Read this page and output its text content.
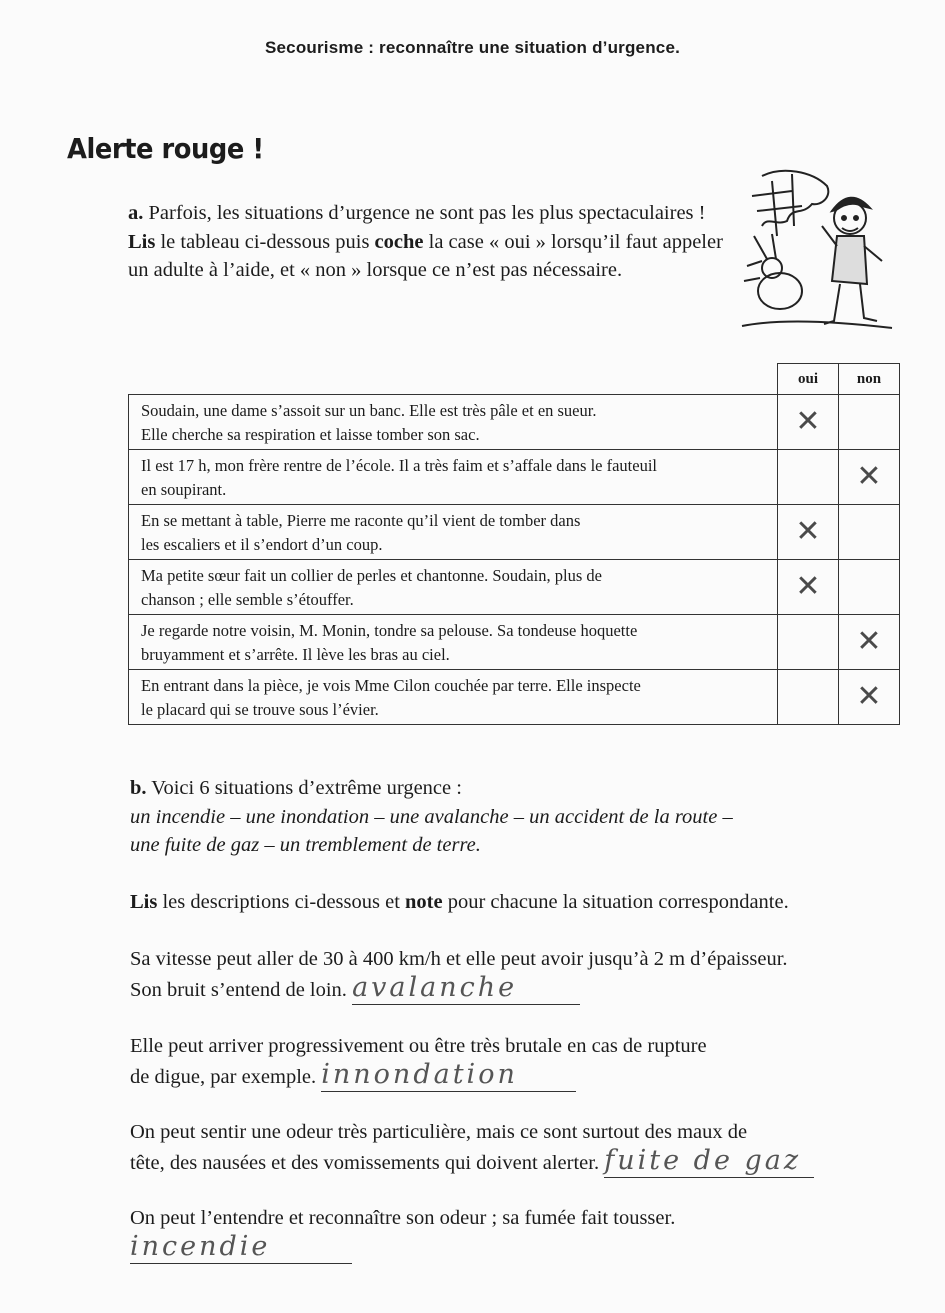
Secourisme : reconnaître une situation d’urgence.
Alerte rouge !
a. Parfois, les situations d’urgence ne sont pas les plus spectaculaires !
Lis le tableau ci-dessous puis coche la case « oui » lorsqu’il faut appeler un adulte à l’aide, et « non » lorsque ce n’est pas nécessaire.
	oui	non
Soudain, une dame s’assoit sur un banc. Elle est très pâle et en sueur.
Elle cherche sa respiration et laisse tomber son sac.	✕	
Il est 17 h, mon frère rentre de l’école. Il a très faim et s’affale dans le fauteuil
en soupirant.		✕
En se mettant à table, Pierre me raconte qu’il vient de tomber dans
les escaliers et il s’endort d’un coup.	✕	
Ma petite sœur fait un collier de perles et chantonne. Soudain, plus de
chanson ; elle semble s’étouffer.	✕	
Je regarde notre voisin, M. Monin, tondre sa pelouse. Sa tondeuse hoquette
bruyamment et s’arrête. Il lève les bras au ciel.		✕
En entrant dans la pièce, je vois Mme Cilon couchée par terre. Elle inspecte
le placard qui se trouve sous l’évier.		✕
b. Voici 6 situations d’extrême urgence :
un incendie – une inondation – une avalanche – un accident de la route –
une fuite de gaz – un tremblement de terre.
Lis les descriptions ci-dessous et note pour chacune la situation correspondante.
Sa vitesse peut aller de 30 à 400 km/h et elle peut avoir jusqu’à 2 m d’épaisseur.
Son bruit s’entend de loin. avalanche
Elle peut arriver progressivement ou être très brutale en cas de rupture
de digue, par exemple. innondation
On peut sentir une odeur très particulière, mais ce sont surtout des maux de
tête, des nausées et des vomissements qui doivent alerter. fuite de gaz
On peut l’entendre et reconnaître son odeur ; sa fumée fait tousser.
incendie
